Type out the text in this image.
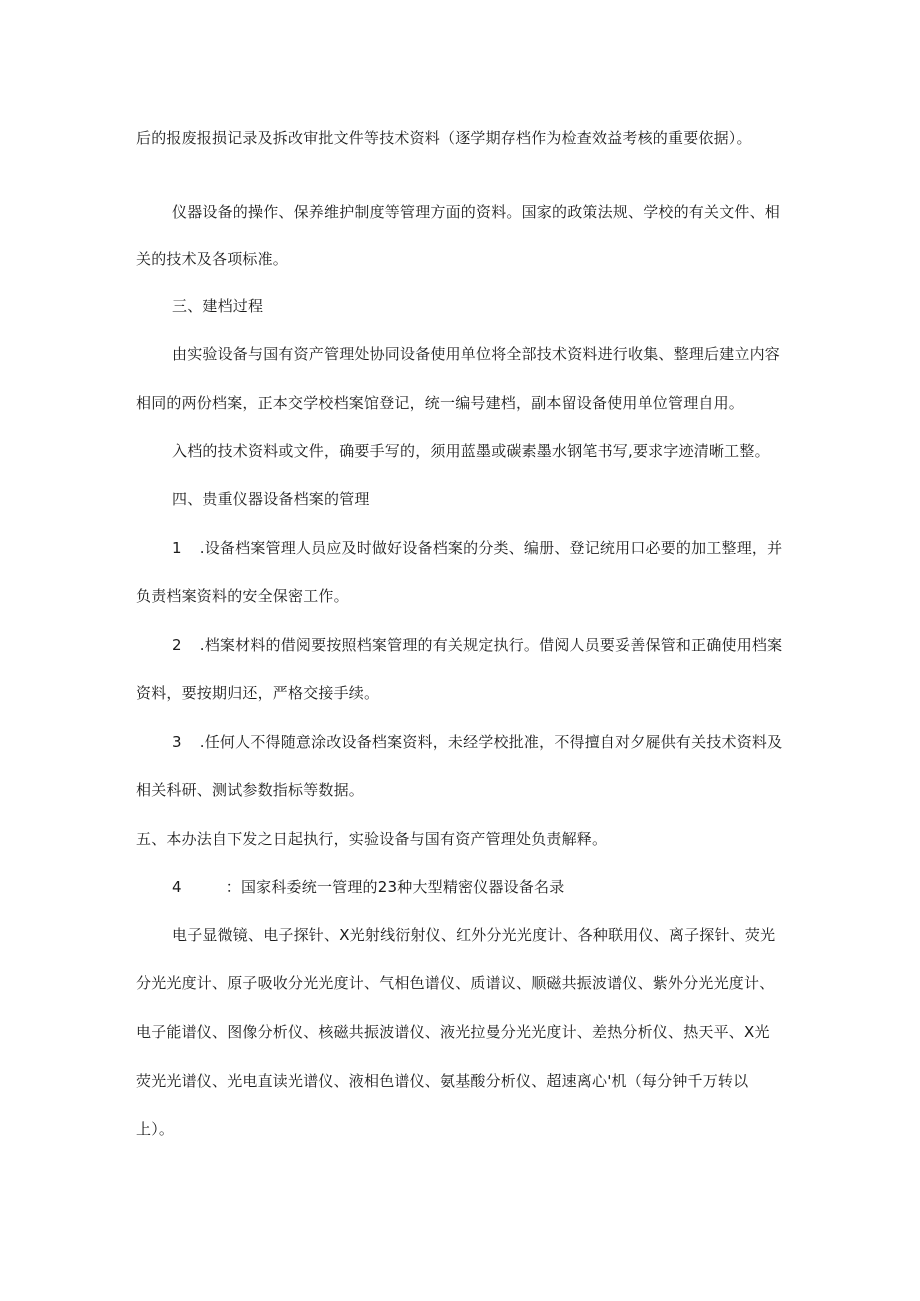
后的报废报损记录及拆改审批文件等技术资料（逐学期存档作为检查效益考核的重要依据）。
仪器设备的操作、保养维护制度等管理方面的资料。国家的政策法规、学校的有关文件、相
关的技术及各项标准。
三、建档过程
由实验设备与国有资产管理处协同设备使用单位将全部技术资料进行收集、整理后建立内容
相同的两份档案，正本交学校档案馆登记，统一编号建档，副本留设备使用单位管理自用。
入档的技术资料或文件，确要手写的，须用蓝墨或碳素墨水钢笔书写,要求字迹清晰工整。
四、贵重仪器设备档案的管理
1 .设备档案管理人员应及时做好设备档案的分类、编册、登记统用口必要的加工整理，并
负责档案资料的安全保密工作。
2 .档案材料的借阅要按照档案管理的有关规定执行。借阅人员要妥善保管和正确使用档案
资料，要按期归还，严格交接手续。
3 .任何人不得随意涂改设备档案资料，未经学校批准，不得擅自对夕屣供有关技术资料及
相关科研、测试参数指标等数据。
五、本办法自下发之日起执行，实验设备与国有资产管理处负责解释。
4	：国家科委统一管理的23种大型精密仪器设备名录
电子显微镜、电子探针、X光射线衍射仪、红外分光光度计、各种联用仪、离子探针、荧光
分光光度计、原子吸收分光光度计、气相色谱仪、质谱议、顺磁共振波谱仪、紫外分光光度计、
电子能谱仪、图像分析仪、核磁共振波谱仪、液光拉曼分光光度计、差热分析仪、热天平、X光
荧光光谱仪、光电直读光谱仪、液相色谱仪、氨基酸分析仪、超速离心'机（每分钟千万转以
上）。
